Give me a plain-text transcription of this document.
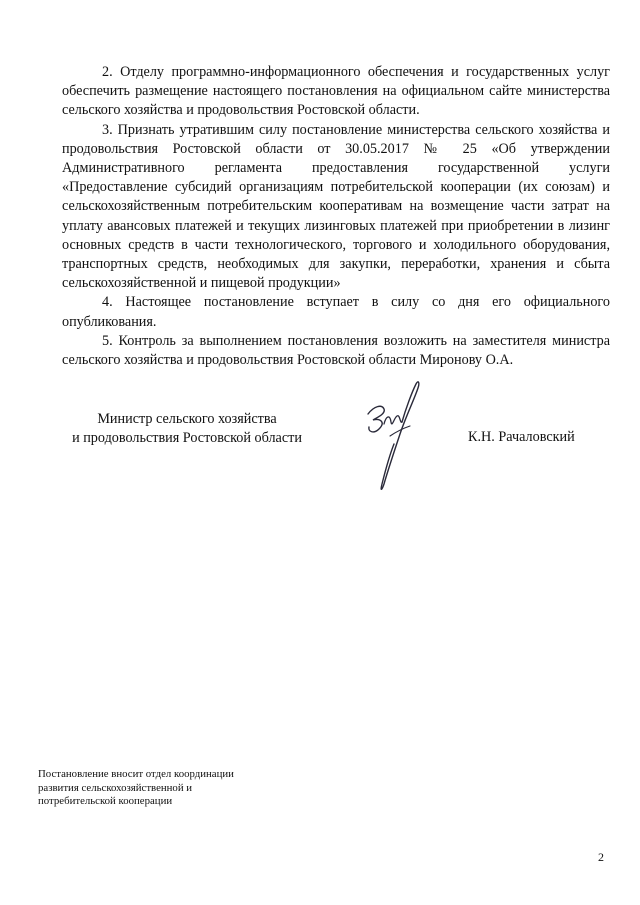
2. Отделу программно-информационного обеспечения и государственных услуг обеспечить размещение настоящего постановления на официальном сайте министерства сельского хозяйства и продовольствия Ростовской области.

3. Признать утратившим силу постановление министерства сельского хозяйства и продовольствия Ростовской области от 30.05.2017 № 25 «Об утверждении Административного регламента предоставления государственной услуги «Предоставление субсидий организациям потребительской кооперации (их союзам) и сельскохозяйственным потребительским кооперативам на возмещение части затрат на уплату авансовых платежей и текущих лизинговых платежей при приобретении в лизинг основных средств в части технологического, торгового и холодильного оборудования, транспортных средств, необходимых для закупки, переработки, хранения и сбыта сельскохозяйственной и пищевой продукции»

4. Настоящее постановление вступает в силу со дня его официального опубликования.

5. Контроль за выполнением постановления возложить на заместителя министра сельского хозяйства и продовольствия Ростовской области Миронову О.А.

Министр сельского хозяйства
и продовольствия Ростовской области	К.Н. Рачаловский
Постановление вносит отдел координации
развития сельскохозяйственной и
потребительской кооперации
2
